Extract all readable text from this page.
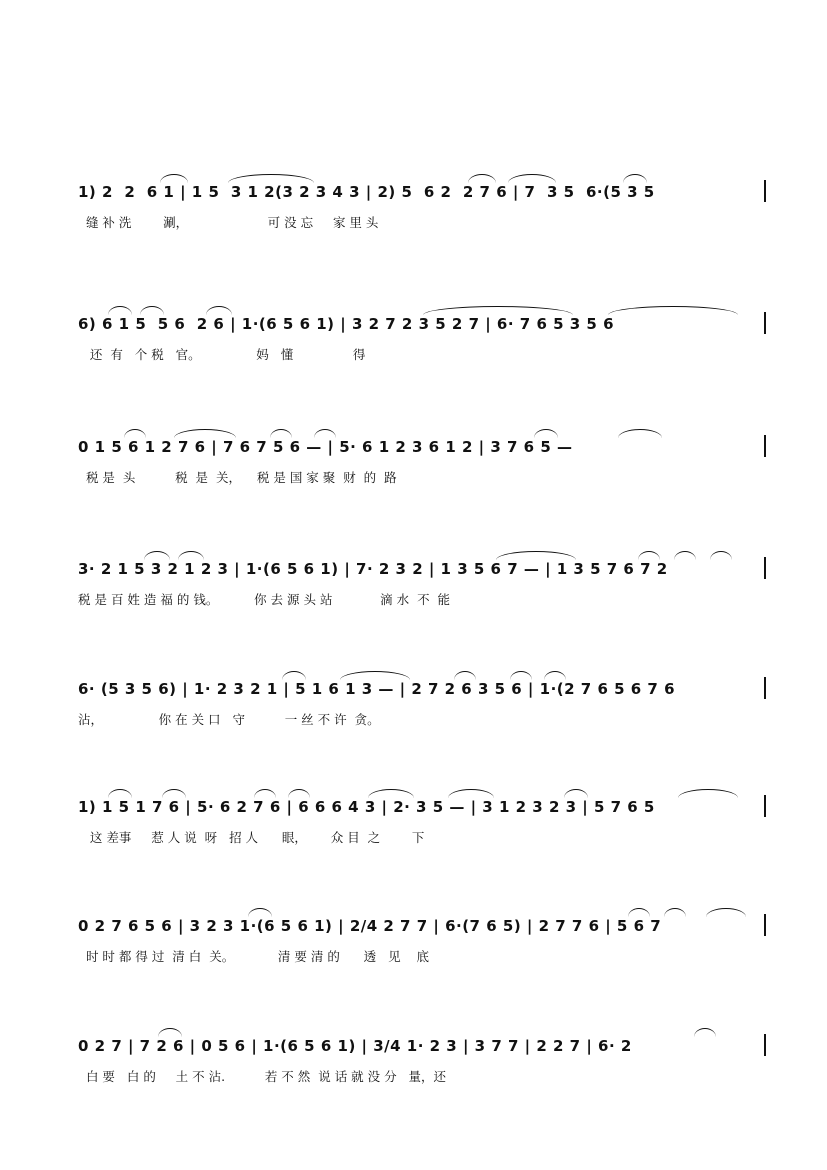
1) 2  2  6 1 | 1 5  3 1 2(3 2 3 4 3 | 2) 5  6 2  2 7 6 | 7  3 5  6·(5 3 5
缝 补 洗        涮，                    可 没 忘     家 里 头
6) 6 1 5  5 6  2 6 | 1·(6 5 6 1) | 3 2 7 2 3 5 2 7 | 6· 7 6 5 3 5 6
还  有   个 税   官。              妈   懂               得
0 1 5 6 1 2 7 6 | 7 6 7 5 6 — | 5· 6 1 2 3 6 1 2 | 3 7 6 5 —
税 是  头          税  是  关，    税 是 国 家 聚  财  的  路
3· 2 1 5 3 2 1 2 3 | 1·(6 5 6 1) | 7· 2 3 2 | 1 3 5 6 7 — | 1 3 5 7 6 7 2
税 是 百 姓 造 福 的 钱。         你 去 源 头 站            滴 水  不  能
6· (5 3 5 6) | 1· 2 3 2 1 | 5 1 6 1 3 — | 2 7 2 6 3 5 6 | 1·(2 7 6 5 6 7 6
沾，              你 在 关 口   守          一 丝 不 许  贪。
1) 1 5 1 7 6 | 5· 6 2 7 6 | 6 6 6 4 3 | 2· 3 5 — | 3 1 2 3 2 3 | 5 7 6 5
这 差事     惹 人 说  呀   招 人      眼，      众 目  之        下
0 2 7 6 5 6 | 3 2 3 1·(6 5 6 1) | 2/4 2 7 7 | 6·(7 6 5) | 2 7 7 6 | 5 6 7
时 时 都 得 过  清 白  关。           清 要 清 的      透   见    底
0 2 7 | 7 2 6 | 0 5 6 | 1·(6 5 6 1) | 3/4 1· 2 3 | 3 7 7 | 2 2 7 | 6· 2
白 要   白 的     土 不 沾.          若 不 然  说 话 就 没 分   量，还
